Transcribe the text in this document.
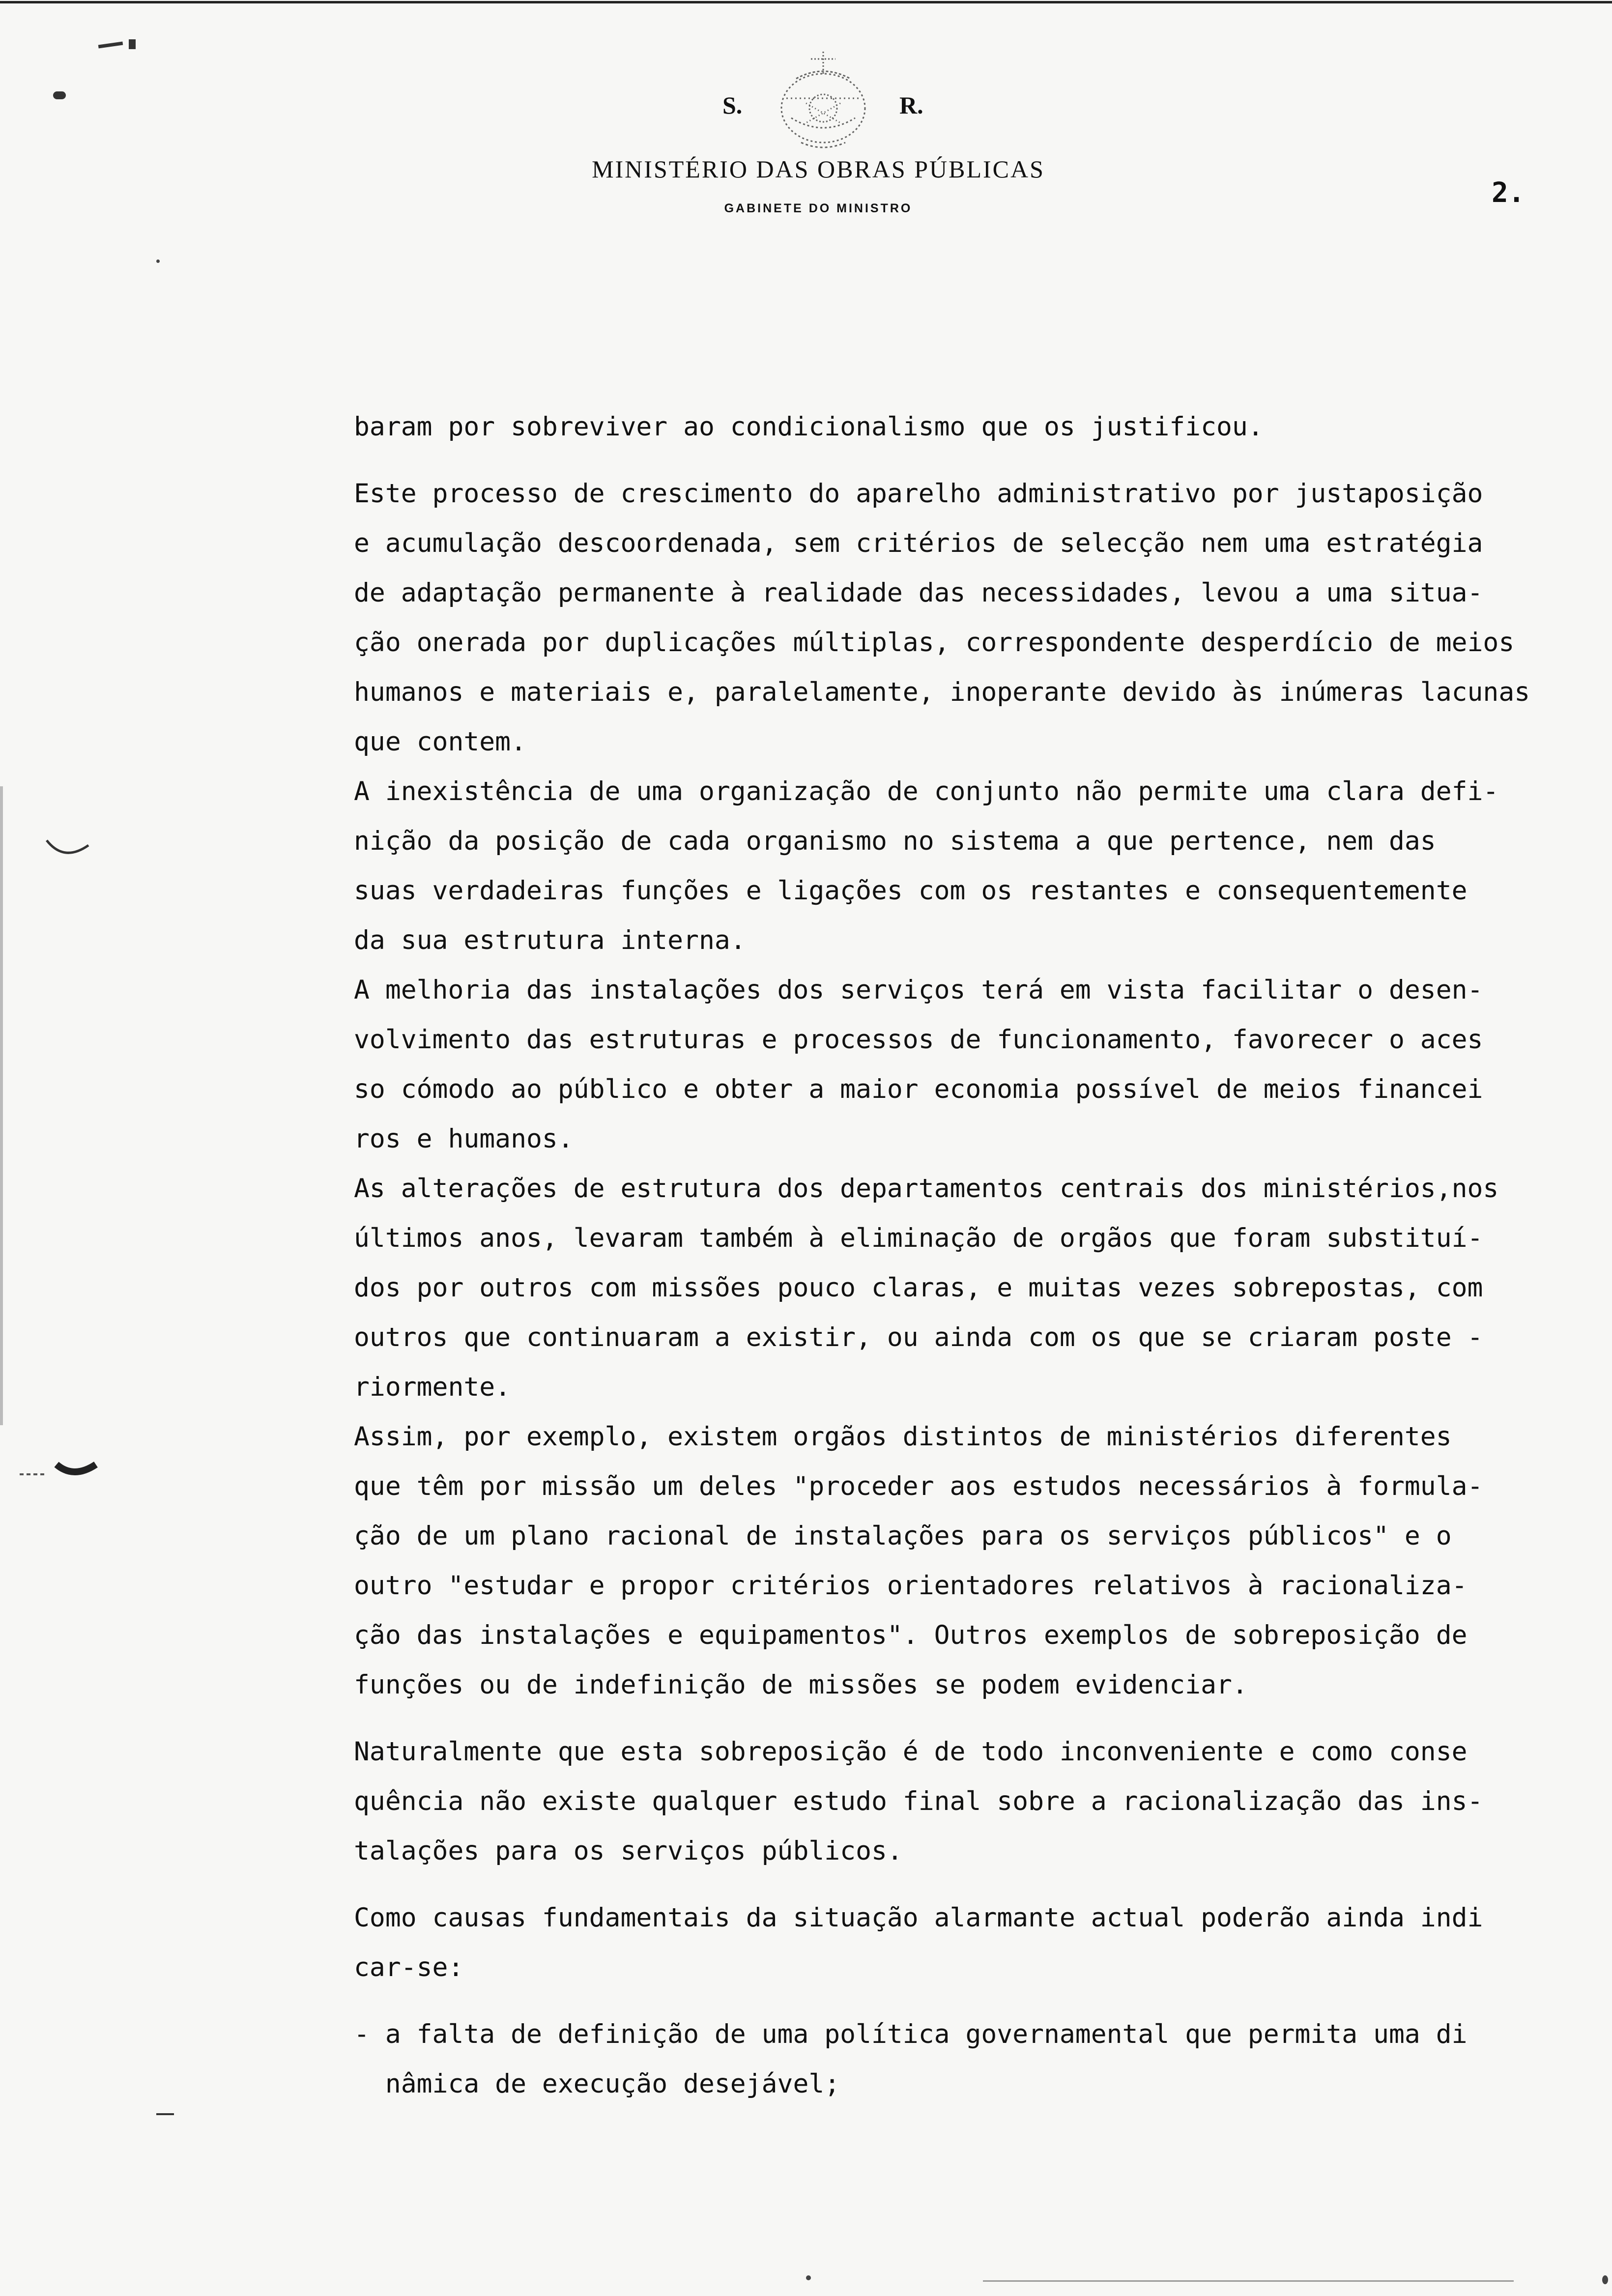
S.	R.
MINISTÉRIO DAS OBRAS PÚBLICAS
GABINETE DO MINISTRO	2.
baram por sobreviver ao condicionalismo que os justificou.
Este processo de crescimento do aparelho administrativo por justaposição
e acumulação descoordenada, sem critérios de selecção nem uma estratégia
de adaptação permanente à realidade das necessidades, levou a uma situa-
ção onerada por duplicações múltiplas, correspondente desperdício de meios
humanos e materiais e, paralelamente, inoperante devido às inúmeras lacunas
que contem.
A inexistência de uma organização de conjunto não permite uma clara defi-
nição da posição de cada organismo no sistema a que pertence, nem das
suas verdadeiras funções e ligações com os restantes e consequentemente
da sua estrutura interna.
A melhoria das instalações dos serviços terá em vista facilitar o desen-
volvimento das estruturas e processos de funcionamento, favorecer o aces
so cómodo ao público e obter a maior economia possível de meios financei
ros e humanos.
As alterações de estrutura dos departamentos centrais dos ministérios,nos
últimos anos, levaram também à eliminação de orgãos que foram substituí-
dos por outros com missões pouco claras, e muitas vezes sobrepostas, com
outros que continuaram a existir, ou ainda com os que se criaram poste -
riormente.
Assim, por exemplo, existem orgãos distintos de ministérios diferentes
que têm por missão um deles "proceder aos estudos necessários à formula-
ção de um plano racional de instalações para os serviços públicos" e o
outro "estudar e propor critérios orientadores relativos à racionaliza-
ção das instalações e equipamentos". Outros exemplos de sobreposição de
funções ou de indefinição de missões se podem evidenciar.
Naturalmente que esta sobreposição é de todo inconveniente e como conse
quência não existe qualquer estudo final sobre a racionalização das ins-
talações para os serviços públicos.
Como causas fundamentais da situação alarmante actual poderão ainda indi
car-se:
- a falta de definição de uma política governamental que permita uma di
nâmica de execução desejável;
